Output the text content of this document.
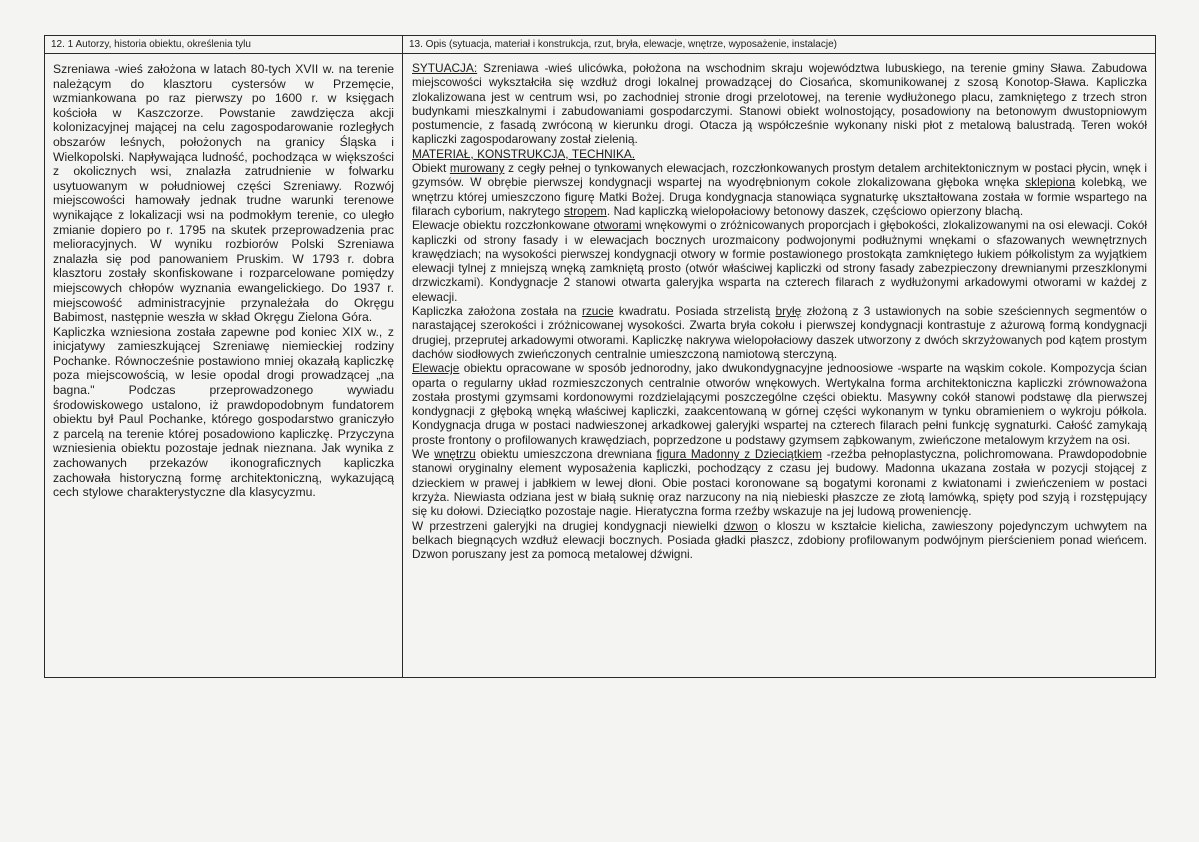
12. 1 Autorzy, historia obiektu, określenia tylu

Szreniawa -wieś założona w latach 80-tych XVII w. na terenie należącym do klasztoru cystersów w Przemęcie, wzmiankowana po raz pierwszy po 1600 r. w księgach kościoła w Kaszczorze. Powstanie zawdzięcza akcji kolonizacyjnej mającej na celu zagospodarowanie rozległych obszarów leśnych, położonych na granicy Śląska i Wielkopolski. Napływająca ludność, pochodząca w większości z okolicznych wsi, znalazła zatrudnienie w folwarku usytuowanym w południowej części Szreniawy. Rozwój miejscowości hamowały jednak trudne warunki terenowe wynikające z lokalizacji wsi na podmokłym terenie, co uległo zmianie dopiero po r. 1795 na skutek przeprowadzenia prac melioracyjnych. W wyniku rozbiorów Polski Szreniawa znalazła się pod panowaniem Pruskim. W 1793 r. dobra klasztoru zostały skonfiskowane i rozparcelowane pomiędzy miejscowych chłopów wyznania ewangelickiego. Do 1937 r. miejscowość administracyjnie przynależała do Okręgu Babimost, następnie weszła w skład Okręgu Zielona Góra.

Kapliczka wzniesiona została zapewne pod koniec XIX w., z inicjatywy zamieszkującej Szreniawę niemieckiej rodziny Pochanke. Równocześnie postawiono mniej okazałą kapliczkę poza miejscowością, w lesie opodal drogi prowadzącej „na bagna." Podczas przeprowadzonego wywiadu środowiskowego ustalono, iż prawdopodobnym fundatorem obiektu był Paul Pochanke, którego gospodarstwo graniczyło z parcelą na terenie której posadowiono kapliczkę. Przyczyna wzniesienia obiektu pozostaje jednak nieznana. Jak wynika z zachowanych przekazów ikonograficznych kapliczka zachowała historyczną formę architektoniczną, wykazującą cech stylowe charakterystyczne dla klasycyzmu.

13. Opis (sytuacja, materiał i konstrukcja, rzut, bryła, elewacje, wnętrze, wyposażenie, instalacje)

SYTUACJA: Szreniawa -wieś ulicówka, położona na wschodnim skraju województwa lubuskiego, na terenie gminy Sława. Zabudowa miejscowości wykształciła się wzdłuż drogi lokalnej prowadzącej do Ciosańca, skomunikowanej z szosą Konotop-Sława. Kapliczka zlokalizowana jest w centrum wsi, po zachodniej stronie drogi przelotowej, na terenie wydłużonego placu, zamkniętego z trzech stron budynkami mieszkalnymi i zabudowaniami gospodarczymi. Stanowi obiekt wolnostojący, posadowiony na betonowym dwustopniowym postumencie, z fasadą zwróconą w kierunku drogi. Otacza ją współcześnie wykonany niski płot z metalową balustradą. Teren wokół kapliczki zagospodarowany został zielenią.

MATERIAŁ, KONSTRUKCJA, TECHNIKA.

Obiekt murowany z cegły pełnej o tynkowanych elewacjach, rozczłonkowanych prostym detalem architektonicznym w postaci płycin, wnęk i gzymsów. W obrębie pierwszej kondygnacji wspartej na wyodrębnionym cokole zlokalizowana głęboka wnęka sklepiona kolebką, we wnętrzu której umieszczono figurę Matki Bożej. Druga kondygnacja stanowiąca sygnaturkę ukształtowana została w formie wspartego na filarach cyborium, nakrytego stropem. Nad kapliczką wielopołaciowy betonowy daszek, częściowo opierzony blachą.

Elewacje obiektu rozczłonkowane otworami wnękowymi o zróżnicowanych proporcjach i głębokości, zlokalizowanymi na osi elewacji. Cokół kapliczki od strony fasady i w elewacjach bocznych urozmaicony podwojonymi podłużnymi wnękami o sfazowanych wewnętrznych krawędziach; na wysokości pierwszej kondygnacji otwory w formie postawionego prostokąta zamkniętego łukiem półkolistym za wyjątkiem elewacji tylnej z mniejszą wnęką zamkniętą prosto (otwór właściwej kapliczki od strony fasady zabezpieczony drewnianymi przeszklonymi drzwiczkami). Kondygnacje 2 stanowi otwarta galeryjka wsparta na czterech filarach z wydłużonymi arkadowymi otworami w każdej z elewacji.

Kapliczka założona została na rzucie kwadratu. Posiada strzelistą bryłę złożoną z 3 ustawionych na sobie sześciennych segmentów o narastającej szerokości i zróżnicowanej wysokości. Zwarta bryła cokołu i pierwszej kondygnacji kontrastuje z ażurową formą kondygnacji drugiej, przeprutej arkadowymi otworami. Kapliczkę nakrywa wielopołaciowy daszek utworzony z dwóch skrzyżowanych pod kątem prostym dachów siodłowych zwieńczonych centralnie umieszczoną namiotową sterczyną.

Elewacje obiektu opracowane w sposób jednorodny, jako dwukondygnacyjne jednoosiowe -wsparte na wąskim cokole. Kompozycja ścian oparta o regularny układ rozmieszczonych centralnie otworów wnękowych. Wertykalna forma architektoniczna kapliczki zrównoważona została prostymi gzymsami kordonowymi rozdzielającymi poszczególne części obiektu. Masywny cokół stanowi podstawę dla pierwszej kondygnacji z głęboką wnęką właściwej kapliczki, zaakcentowaną w górnej części wykonanym w tynku obramieniem o wykroju półkola. Kondygnacja druga w postaci nadwieszonej arkadkowej galeryjki wspartej na czterech filarach pełni funkcję sygnaturki. Całość zamykają proste frontony o profilowanych krawędziach, poprzedzone u podstawy gzymsem ząbkowanym, zwieńczone metalowym krzyżem na osi.

We wnętrzu obiektu umieszczona drewniana figura Madonny z Dzieciątkiem -rzeźba pełnoplastyczna, polichromowana. Prawdopodobnie stanowi oryginalny element wyposażenia kapliczki, pochodzący z czasu jej budowy. Madonna ukazana została w pozycji stojącej z dzieckiem w prawej i jabłkiem w lewej dłoni. Obie postaci koronowane są bogatymi koronami z kwiatonami i zwieńczeniem w postaci krzyża. Niewiasta odziana jest w białą suknię oraz narzucony na nią niebieski płaszcze ze złotą lamówką, spięty pod szyją i rozstępujący się ku dołowi. Dzieciątko pozostaje nagie. Hieratyczna forma rzeźby wskazuje na jej ludową proweniencję.

W przestrzeni galeryjki na drugiej kondygnacji niewielki dzwon o kloszu w kształcie kielicha, zawieszony pojedynczym uchwytem na belkach biegnących wzdłuż elewacji bocznych. Posiada gładki płaszcz, zdobiony profilowanym podwójnym pierścieniem ponad wieńcem. Dzwon poruszany jest za pomocą metalowej dźwigni.
